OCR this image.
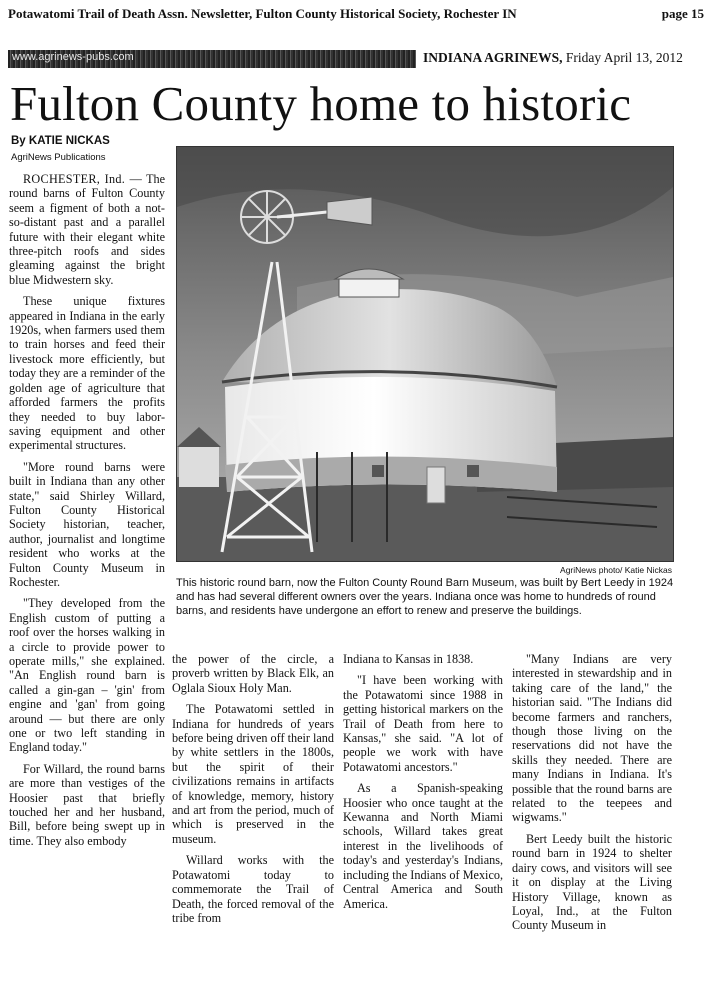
Potawatomi Trail of Death Assn. Newsletter, Fulton County Historical Society, Rochester IN	page 15
www.agrinews-pubs.com	INDIANA AGRINEWS, Friday April 13, 2012
Fulton County home to historic
By KATIE NICKAS
AgriNews Publications

ROCHESTER, Ind. — The round barns of Fulton County seem a figment of both a not-so-distant past and a parallel future with their elegant white three-pitch roofs and sides gleaming against the bright blue Midwestern sky.

These unique fixtures appeared in Indiana in the early 1920s, when farmers used them to train horses and feed their livestock more efficiently, but today they are a reminder of the golden age of agriculture that afforded farmers the profits they needed to buy labor-saving equipment and other experimental structures.

"More round barns were built in Indiana than any other state," said Shirley Willard, Fulton County Historical Society historian, teacher, author, journalist and longtime resident who works at the Fulton County Museum in Rochester.

"They developed from the English custom of putting a roof over the horses walking in a circle to provide power to operate mills," she explained. "An English round barn is called a gin-gan – 'gin' from engine and 'gan' from going around — but there are only one or two left standing in England today."

For Willard, the round barns are more than vestiges of the Hoosier past that briefly touched her and her husband, Bill, before being swept up in time. They also embody

AgriNews photo/ Katie Nickas
This historic round barn, now the Fulton County Round Barn Museum, was built by Bert Leedy in 1924 and has had several different owners over the years. Indiana once was home to hundreds of round barns, and residents have undergone an effort to renew and preserve the buildings.

the power of the circle, a proverb written by Black Elk, an Oglala Sioux Holy Man.

The Potawatomi settled in Indiana for hundreds of years before being driven off their land by white settlers in the 1800s, but the spirit of their civilizations remains in artifacts of knowledge, memory, history and art from the period, much of which is preserved in the museum.

Willard works with the Potawatomi today to commemorate the Trail of Death, the forced removal of the tribe from

Indiana to Kansas in 1838.

"I have been working with the Potawatomi since 1988 in getting historical markers on the Trail of Death from here to Kansas," she said. "A lot of people we work with have Potawatomi ancestors."

As a Spanish-speaking Hoosier who once taught at the Kewanna and North Miami schools, Willard takes great interest in the livelihoods of today's and yesterday's Indians, including the Indians of Mexico, Central America and South America.

"Many Indians are very interested in stewardship and in taking care of the land," the historian said. "The Indians did become farmers and ranchers, though those living on the reservations did not have the skills they needed. There are many Indians in Indiana. It's possible that the round barns are related to the teepees and wigwams."

Bert Leedy built the historic round barn in 1924 to shelter dairy cows, and visitors will see it on display at the Living History Village, known as Loyal, Ind., at the Fulton County Museum in
